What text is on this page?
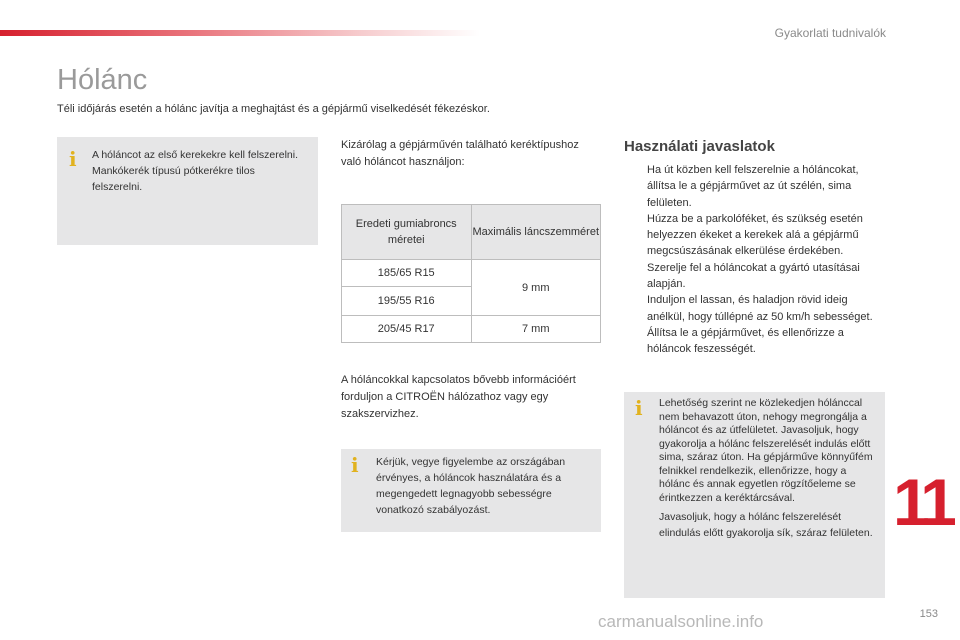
Gyakorlati tudnivalók
Hólánc
Téli időjárás esetén a hólánc javítja a meghajtást és a gépjármű viselkedését fékezéskor.
i A hóláncot az első kerekekre kell felszerelni. Mankókerék típusú pótkerékre tilos felszerelni.
Kizárólag a gépjárművén található keréktípushoz való hóláncot használjon:
Eredeti gumiabroncs méretei	Maximális láncszemméret
185/65 R15	9 mm
195/55 R16	
205/45 R17	7 mm
A hóláncokkal kapcsolatos bővebb információért forduljon a CITROËN hálózathoz vagy egy szakszervizhez.
i Kérjük, vegye figyelembe az országában érvényes, a hóláncok használatára és a megengedett legnagyobb sebességre vonatkozó szabályozást.
Használati javaslatok
Ha út közben kell felszerelnie a hóláncokat, állítsa le a gépjárművet az út szélén, sima felületen.
Húzza be a parkolóféket, és szükség esetén helyezzen ékeket a kerekek alá a gépjármű megcsúszásának elkerülése érdekében.
Szerelje fel a hóláncokat a gyártó utasításai alapján.
Induljon el lassan, és haladjon rövid ideig anélkül, hogy túllépné az 50 km/h sebességet.
Állítsa le a gépjárművet, és ellenőrizze a hóláncok feszességét.
i Lehetőség szerint ne közlekedjen hólánccal nem behavazott úton, nehogy megrongálja a hóláncot és az útfelületet. Javasoljuk, hogy gyakorolja a hólánc felszerelését indulás előtt sima, száraz úton. Ha gépjárműve könnyűfém felnikkel rendelkezik, ellenőrizze, hogy a hólánc és annak egyetlen rögzítőeleme se érintkezzen a keréktárcsával.

Javasoljuk, hogy a hólánc felszerelését elindulás előtt gyakorolja sík, száraz felületen. 11
carmanualsonline.info	153
